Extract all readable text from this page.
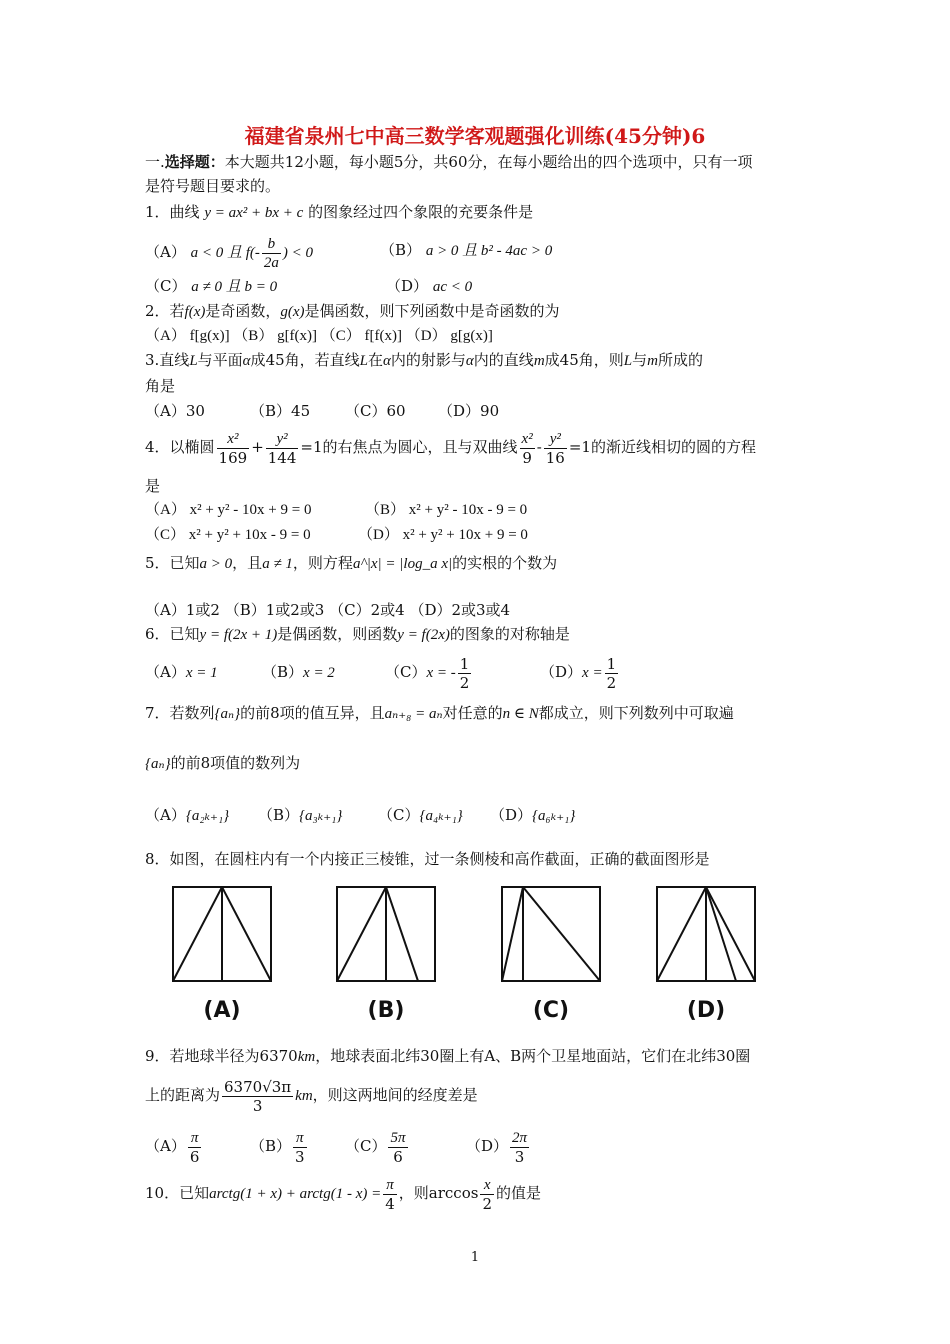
福建省泉州七中高三数学客观题强化训练(45分钟)6
一.选择题：本大题共12小题，每小题5分，共60分，在每小题给出的四个选项中，只有一项
是符号题目要求的。
1．曲线 y = ax² + bx + c 的图象经过四个象限的充要条件是
（A） a < 0 且 $f(- \frac{b}{2a}$ ) < 0	（B） a > 0 且 b² - 4ac > 0
（C） a ≠ 0 且 b = 0	（D） ac < 0
2．若f(x)是奇函数，g(x)是偶函数，则下列函数中是奇函数的为
（A） f[g(x)] （B） g[f(x)] （C） f[f(x)] （D） g[g(x)]
3.直线L与平面α成45角，若直线L在α内的射影与α内的直线m成45角，则L与m所成的
角是
（A）30	（B）45 （C）60 （D）90
4．以椭圆 $\frac{\text{x²}}{169} + \frac{\text{y²}}{144} =1$的右焦点为圆心，且与双曲线 $\frac{\text{x²}}{9} - \frac{\text{y²}}{16} =1$的渐近线相切的圆的方程
是
（A） x² + y² - 10x + 9 = 0	（B） x² + y² - 10x - 9 = 0
（C） x² + y² + 10x - 9 = 0	（D） x² + y² + 10x + 9 = 0
5．已知a > 0，且a ≠ 1，则方程a^|x| = |log_a x|的实根的个数为
（A）1或2 （B）1或2或3 （C）2或4 （D）2或3或4
6．已知y = f(2x + 1)是偶函数，则函数y = f(2x)的图象的对称轴是
（A）x = 1	（B）x = 2	（C）x = - $\frac{1}{2}$	$(D)x = \frac{1}{2}$
7．若数列{aₙ}的前8项的值互异，且aₙ₊₈ = aₙ对任意的n ∈ N都成立，则下列数列中可取遍
{aₙ}的前8项值的数列为
（A）{a₂ₖ₊₁} （B）{a₃ₖ₊₁} （C）{a₄ₖ₊₁} （D）{a₆ₖ₊₁}
8．如图，在圆柱内有一个内接正三棱锥，过一条侧棱和高作截面，正确的截面图形是
(A)	(B)	(C)	(D)
9．若地球半径为6370km，地球表面北纬30圈上有A、B两个卫星地面站，它们在北纬30圈
上的距离为 $\frac{6370√3\pi}{3}$ km，则这两地间的经度差是
$(A) \frac{\pi}{6}$	$(B) \frac{\pi}{3}$	$(C) \frac{5\pi}{6}$	$(D) \frac{2\pi}{3}$
10．已知arctg(1 + x) + arctg(1 - $x) = \frac{\pi}{4}$ ，则$\arccos \frac{x}{2}$ 的值是
1
